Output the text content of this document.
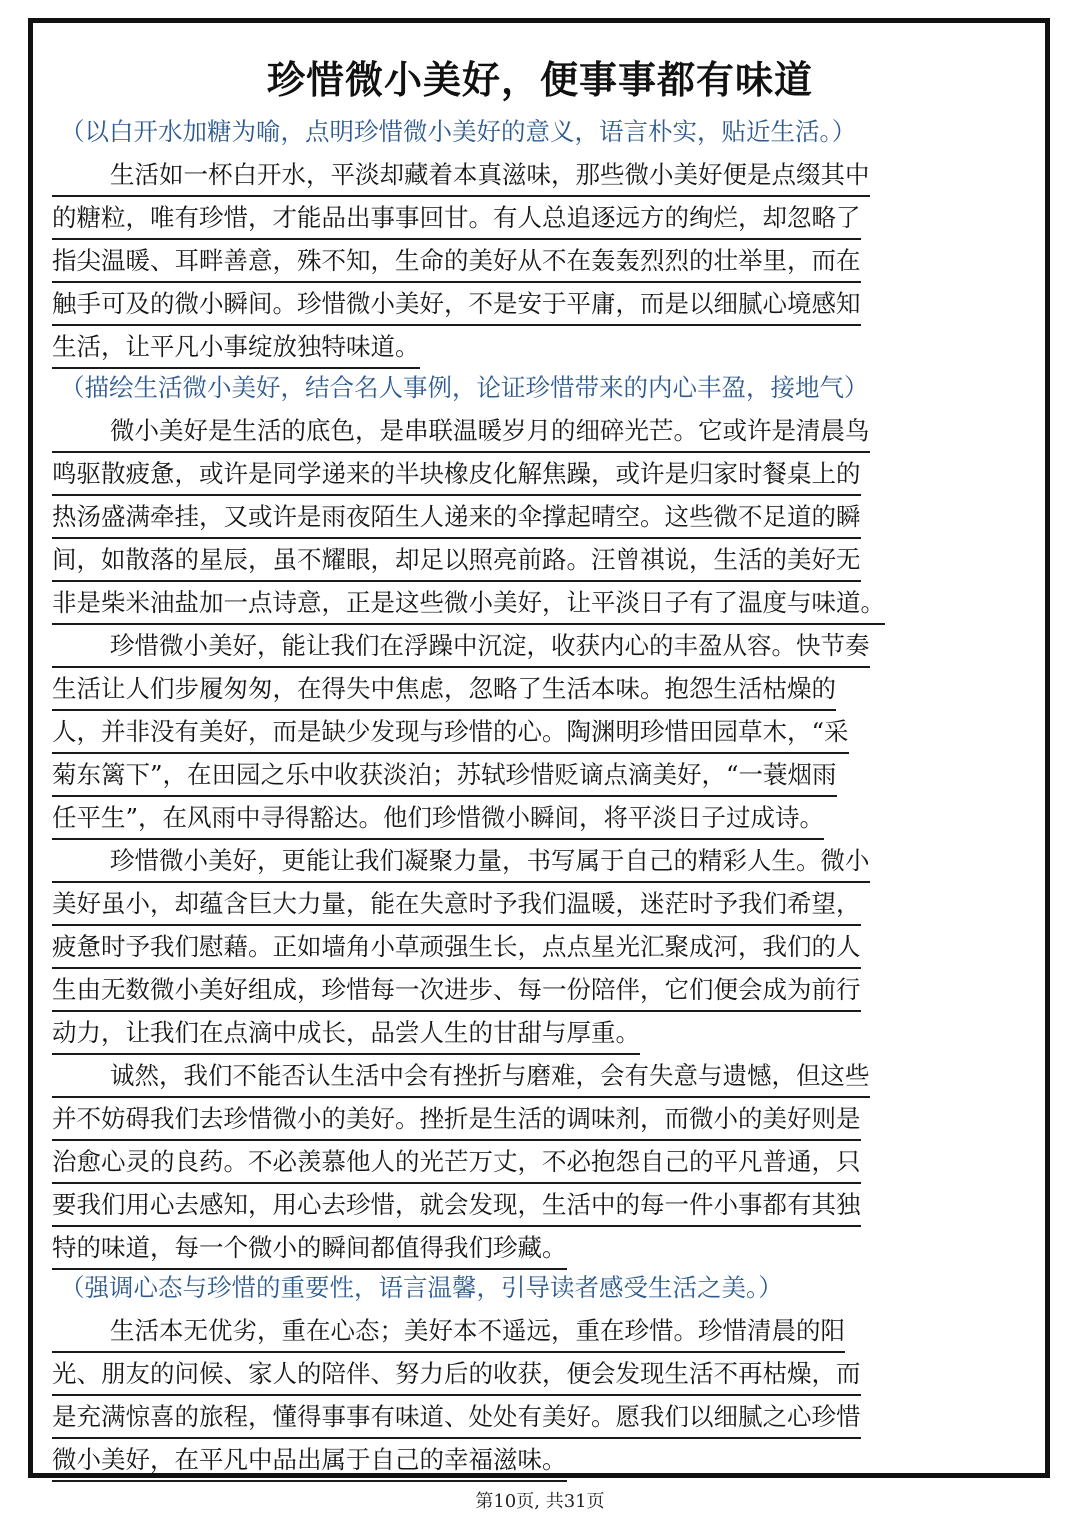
珍惜微小美好，便事事都有味道
（以白开水加糖为喻，点明珍惜微小美好的意义，语言朴实，贴近生活。）
生活如一杯白开水，平淡却藏着本真滋味，那些微小美好便是点缀其中
的糖粒，唯有珍惜，才能品出事事回甘。有人总追逐远方的绚烂，却忽略了
指尖温暖、耳畔善意，殊不知，生命的美好从不在轰轰烈烈的壮举里，而在
触手可及的微小瞬间。珍惜微小美好，不是安于平庸，而是以细腻心境感知
生活，让平凡小事绽放独特味道。
（描绘生活微小美好，结合名人事例，论证珍惜带来的内心丰盈，接地气）
微小美好是生活的底色，是串联温暖岁月的细碎光芒。它或许是清晨鸟
鸣驱散疲惫，或许是同学递来的半块橡皮化解焦躁，或许是归家时餐桌上的
热汤盛满牵挂，又或许是雨夜陌生人递来的伞撑起晴空。这些微不足道的瞬
间，如散落的星辰，虽不耀眼，却足以照亮前路。汪曾祺说，生活的美好无
非是柴米油盐加一点诗意，正是这些微小美好，让平淡日子有了温度与味道。
珍惜微小美好，能让我们在浮躁中沉淀，收获内心的丰盈从容。快节奏
生活让人们步履匆匆，在得失中焦虑，忽略了生活本味。抱怨生活枯燥的
人，并非没有美好，而是缺少发现与珍惜的心。陶渊明珍惜田园草木，“采
菊东篱下”，在田园之乐中收获淡泊；苏轼珍惜贬谪点滴美好，“一蓑烟雨
任平生”，在风雨中寻得豁达。他们珍惜微小瞬间，将平淡日子过成诗。
珍惜微小美好，更能让我们凝聚力量，书写属于自己的精彩人生。微小
美好虽小，却蕴含巨大力量，能在失意时予我们温暖，迷茫时予我们希望，
疲惫时予我们慰藉。正如墙角小草顽强生长，点点星光汇聚成河，我们的人
生由无数微小美好组成，珍惜每一次进步、每一份陪伴，它们便会成为前行
动力，让我们在点滴中成长，品尝人生的甘甜与厚重。
诚然，我们不能否认生活中会有挫折与磨难，会有失意与遗憾，但这些
并不妨碍我们去珍惜微小的美好。挫折是生活的调味剂，而微小的美好则是
治愈心灵的良药。不必羡慕他人的光芒万丈，不必抱怨自己的平凡普通，只
要我们用心去感知，用心去珍惜，就会发现，生活中的每一件小事都有其独
特的味道，每一个微小的瞬间都值得我们珍藏。
（强调心态与珍惜的重要性，语言温馨，引导读者感受生活之美。）
生活本无优劣，重在心态；美好本不遥远，重在珍惜。珍惜清晨的阳
光、朋友的问候、家人的陪伴、努力后的收获，便会发现生活不再枯燥，而
是充满惊喜的旅程，懂得事事有味道、处处有美好。愿我们以细腻之心珍惜
微小美好，在平凡中品出属于自己的幸福滋味。
第10页, 共31页
